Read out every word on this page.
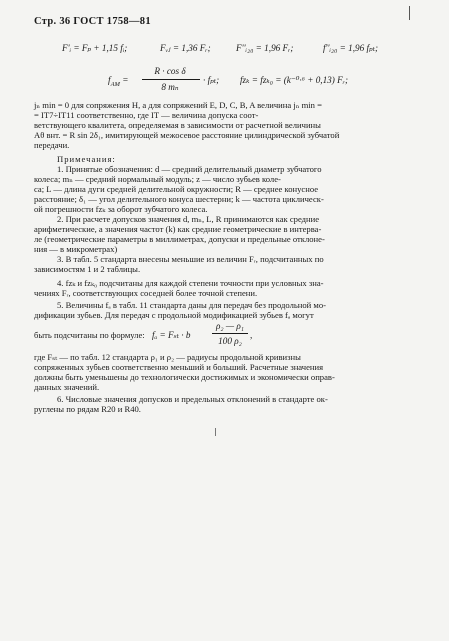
Стр. 36 ГОСТ 1758—81
F'ᵢ = Fₚ + 1,15 fᵢ;	Fᵥⱼ = 1,36 Fᵣ;	F''ᵢ₂₀ = 1,96 Fᵣ;	f''ᵢ₂₀ = 1,96 fₚₜ;
$f_{AM}$ =
R · cos δ
8 mₙ
· fₚₜ; fzₖ = fzₖ₀ = (k⁻⁰·⁶ + 0,13) Fᵣ;
jₙ min = 0 для сопряжения H, а для сопряжений E, D, C, B, A величина jₙ min =
= IT7÷IT11 соответственно, где IT — величина допуска соот-
ветствующего квалитета, определяемая в зависимости от расчетной величины
Aθ внт. = R sin 2δ₁, имитирующей межосевое расстояние цилиндрической зубчатой
передачи.
Примечания:
1. Принятые обозначения: d — средний делительный диаметр зубчатого
колеса; mₙ — средний нормальный модуль; z — число зубьев коле-
са; L — длина дуги средней делительной окружности; R — среднее конусное
расстояние; δ₁ — угол делительного конуса шестерни; k — частота циклическ-
ой погрешности fzₖ за оборот зубчатого колеса.
2. При расчете допусков значения d, mₙ, L, R принимаются как средние
арифметические, а значения частот (k) как средние геометрические в интерва-
ле (геометрические параметры в миллиметрах, допуски и предельные отклоне-
ния — в микрометрах)
3. В табл. 5 стандарта внесены меньшие из величин Fᵣ, подсчитанных по
зависимостям 1 и 2 таблицы.
4. fzₖ и fzₖ₀ подсчитаны для каждой степени точности при условных зна-
чениях Fᵣ, соответствующих соседней более точной степени.
5. Величины fₐ в табл. 11 стандарта даны для передач без продольной мо-
дификации зубьев. Для передач с продольной модификацией зубьев fₐ могут
быть подсчитаны по формуле: fₐ = Fₛₜ · b
ρ₂ — ρ₁
100 ρ₂
,
где Fₛₜ — по табл. 12 стандарта ρ₁ и ρ₂ — радиусы продольной кривизны
сопряженных зубьев соответственно меньший и больший. Расчетные значения
должны быть уменьшены до технологически достижимых и экономически оправ-
данных значений.
6. Числовые значения допусков и предельных отклонений в стандарте ок-
руглены по рядам R20 и R40.
